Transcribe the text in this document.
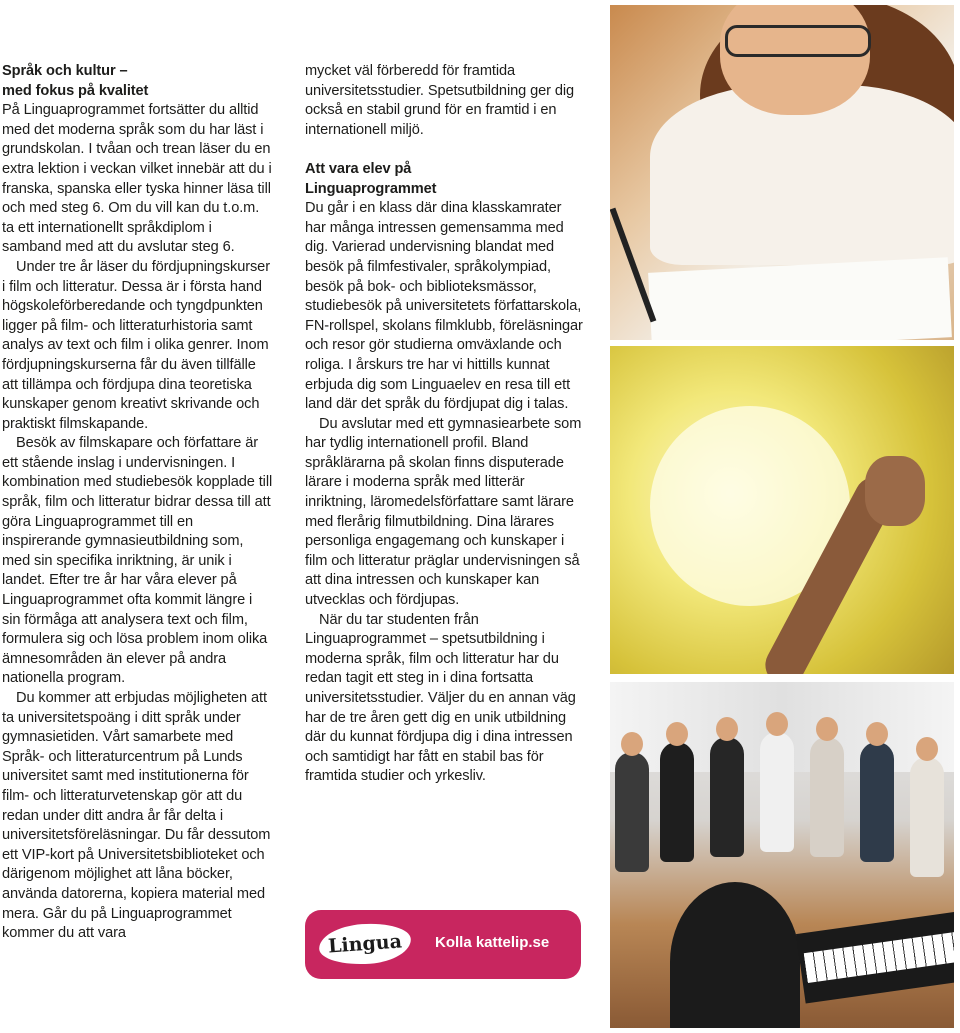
Språk och kultur –

med fokus på kvalitet

På Linguaprogrammet fortsätter du alltid med det moderna språk som du har läst i grundskolan. I tvåan och trean läser du en extra lektion i veckan vilket innebär att du i franska, spanska eller tyska hinner läsa till och med steg 6. Om du vill kan du t.o.m. ta ett internationellt språkdiplom i samband med att du avslutar steg 6.

Under tre år läser du fördjupningskurser i film och litteratur. Dessa är i första hand högskoleförberedande och tyngdpunkten ligger på film- och litteraturhistoria samt analys av text och film i olika genrer. Inom fördjupningskurserna får du även tillfälle att tillämpa och fördjupa dina teoretiska kunskaper genom kreativt skrivande och praktiskt filmskapande.

Besök av filmskapare och författare är ett stående inslag i undervisningen. I kombination med studiebesök kopplade till språk, film och litteratur bidrar dessa till att göra Linguaprogrammet till en inspirerande gymnasieutbildning som, med sin specifika inriktning, är unik i landet. Efter tre år har våra elever på Linguaprogrammet ofta kommit längre i sin förmåga att analysera text och film, formulera sig och lösa problem inom olika ämnesområden än elever på andra nationella program.

Du kommer att erbjudas möjligheten att ta universitetspoäng i ditt språk under gymnasietiden. Vårt samarbete med Språk- och litteraturcentrum på Lunds universitet samt med institutionerna för film- och litteraturvetenskap gör att du redan under ditt andra år får delta i universitetsföreläsningar. Du får dessutom ett VIP-kort på Universitetsbiblioteket och därigenom möjlighet att låna böcker, använda datorerna, kopiera material med mera. Går du på Linguaprogrammet kommer du att vara

mycket väl förberedd för framtida universitetsstudier. Spetsutbildning ger dig också en stabil grund för en framtid i en internationell miljö.

Att vara elev på

Linguaprogrammet

Du går i en klass där dina klasskamrater har många intressen gemensamma med dig. Varierad undervisning blandat med besök på filmfestivaler, språkolympiad, besök på bok- och biblioteksmässor, studiebesök på universitetets författarskola, FN-rollspel, skolans filmklubb, föreläsningar och resor gör studierna omväxlande och roliga. I årskurs tre har vi hittills kunnat erbjuda dig som Linguaelev en resa till ett land där det språk du fördjupat dig i talas.

Du avslutar med ett gymnasiearbete som har tydlig internationell profil. Bland språklärarna på skolan finns disputerade lärare i moderna språk med litterär inriktning, läromedelsförfattare samt lärare med flerårig filmutbildning. Dina lärares personliga engagemang och kunskaper i film och litteratur präglar undervisningen så att dina intressen och kunskaper kan utvecklas och fördjupas.

När du tar studenten från Linguaprogrammet – spetsutbildning i moderna språk, film och litteratur har du redan tagit ett steg in i dina fortsatta universitetsstudier. Väljer du en annan väg har de tre åren gett dig en unik utbildning där du kunnat fördjupa dig i dina intressen och samtidigt har fått en stabil bas för framtida studier och yrkesliv.

Lingua	Kolla kattelip.se
